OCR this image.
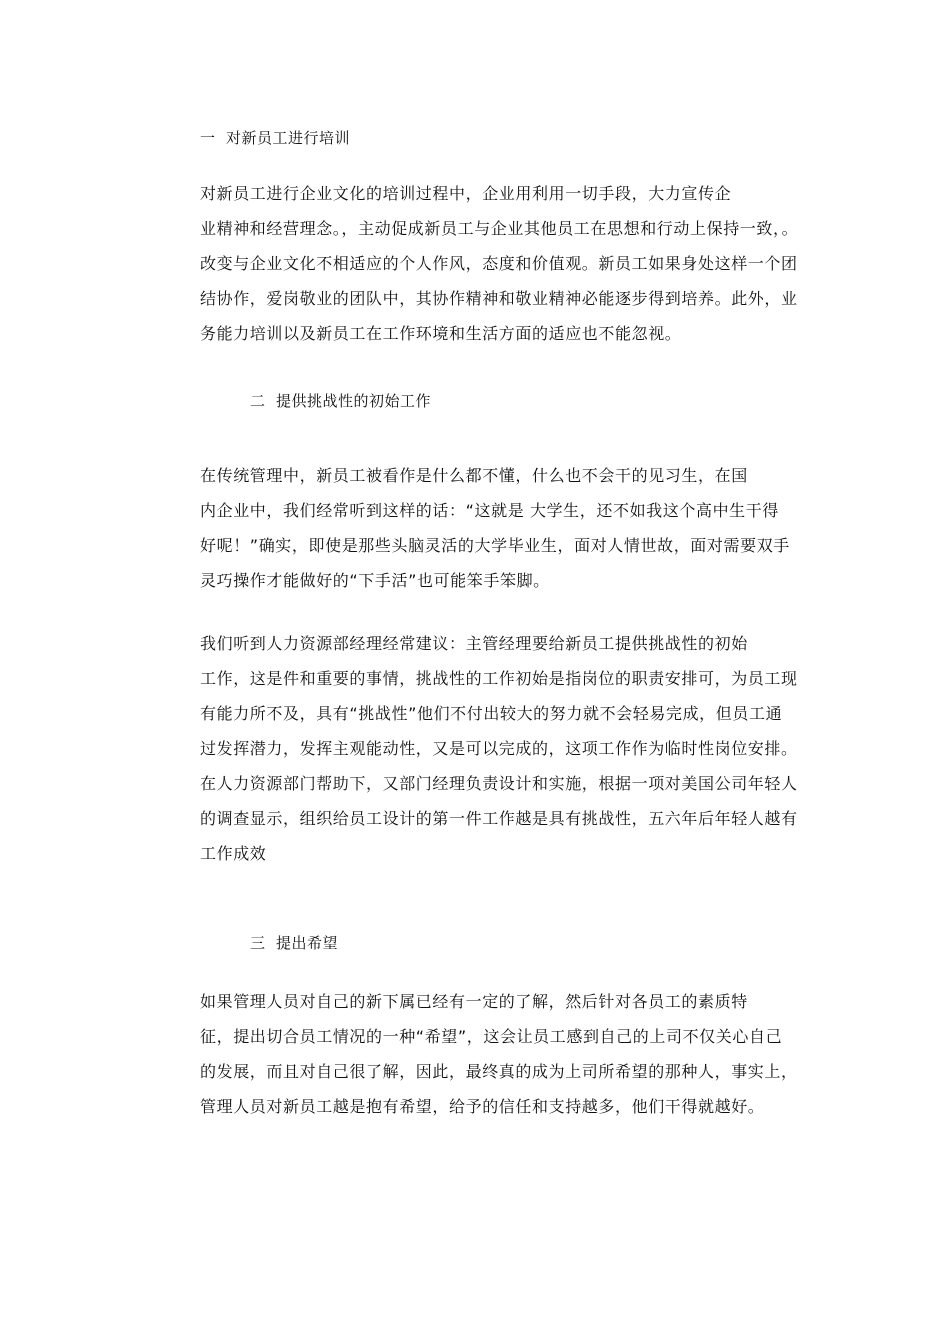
一  对新员工进行培训
对新员工进行企业文化的培训过程中，企业用利用一切手段，大力宣传企
业精神和经营理念。，主动促成新员工与企业其他员工在思想和行动上保持一致，。
改变与企业文化不相适应的个人作风，态度和价值观。新员工如果身处这样一个团
结协作，爱岗敬业的团队中，其协作精神和敬业精神必能逐步得到培养。此外，业
务能力培训以及新员工在工作环境和生活方面的适应也不能忽视。
二  提供挑战性的初始工作
在传统管理中，新员工被看作是什么都不懂，什么也不会干的见习生，在国
内企业中，我们经常听到这样的话：“这就是 大学生，还不如我这个高中生干得
好呢！”确实，即使是那些头脑灵活的大学毕业生，面对人情世故，面对需要双手
灵巧操作才能做好的“下手活”也可能笨手笨脚。
我们听到人力资源部经理经常建议：主管经理要给新员工提供挑战性的初始
工作，这是件和重要的事情，挑战性的工作初始是指岗位的职责安排可，为员工现
有能力所不及，具有“挑战性”他们不付出较大的努力就不会轻易完成，但员工通
过发挥潜力，发挥主观能动性，又是可以完成的，这项工作作为临时性岗位安排。
在人力资源部门帮助下，又部门经理负责设计和实施，根据一项对美国公司年轻人
的调查显示，组织给员工设计的第一件工作越是具有挑战性，五六年后年轻人越有
工作成效
三  提出希望
如果管理人员对自己的新下属已经有一定的了解，然后针对各员工的素质特
征，提出切合员工情况的一种“希望”，这会让员工感到自己的上司不仅关心自己
的发展，而且对自己很了解，因此，最终真的成为上司所希望的那种人，事实上，
管理人员对新员工越是抱有希望，给予的信任和支持越多，他们干得就越好。
